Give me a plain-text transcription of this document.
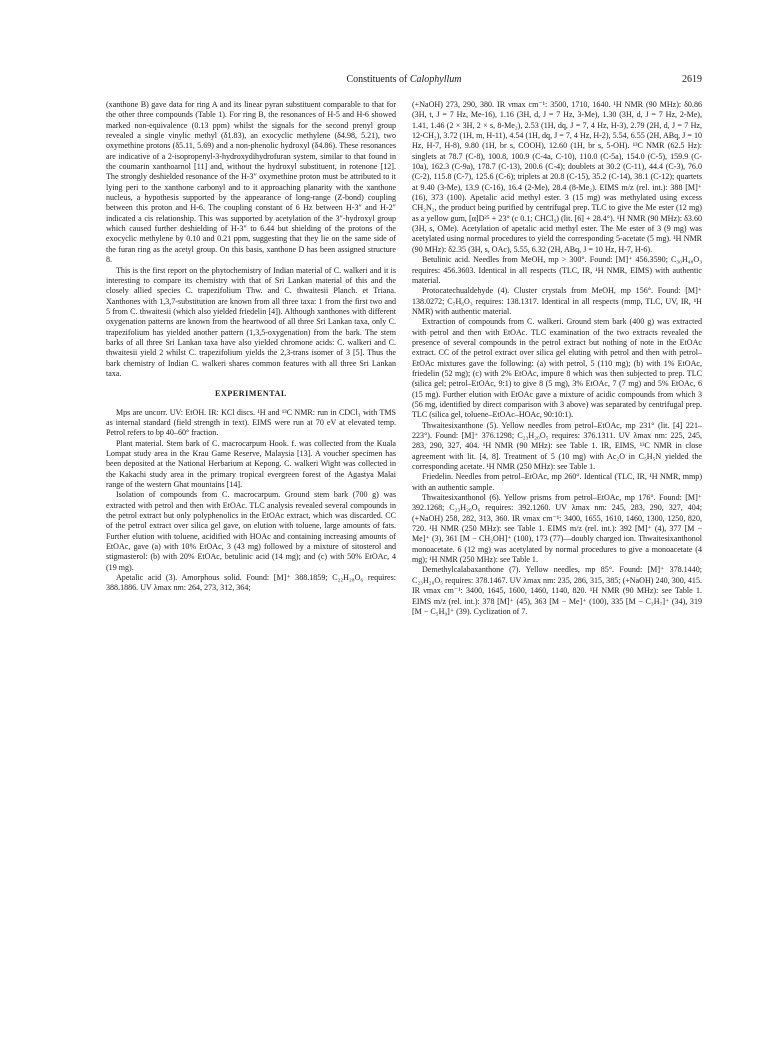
Constituents of Calophyllum	2619

(xanthone B) gave data for ring A and its linear pyran substituent comparable to that for the other three compounds (Table 1). For ring B, the resonances of H-5 and H-6 showed marked non-equivalence (0.13 ppm) whilst the signals for the second prenyl group revealed a single vinylic methyl (δ1.83), an exocyclic methylene (δ4.98, 5.21), two oxymethine protons (δ5.11, 5.69) and a non-phenolic hydroxyl (δ4.86). These resonances are indicative of a 2-isopropenyl-3-hydroxydihydrofuran system, similar to that found in the coumarin xanthoarnol [11] and, without the hydroxyl substituent, in rotenone [12]. The strongly deshielded resonance of the H-3″ oxymethine proton must be attributed to it lying peri to the xanthone carbonyl and to it approaching planarity with the xanthone nucleus, a hypothesis supported by the appearance of long-range (Z-bond) coupling between this proton and H-6. The coupling constant of 6 Hz between H-3″ and H-2″ indicated a cis relationship. This was supported by acetylation of the 3″-hydroxyl group which caused further deshielding of H-3″ to 6.44 but shielding of the protons of the exocyclic methylene by 0.10 and 0.21 ppm, suggesting that they lie on the same side of the furan ring as the acetyl group. On this basis, xanthone D has been assigned structure 8.

This is the first report on the phytochemistry of Indian material of C. walkeri and it is interesting to compare its chemistry with that of Sri Lankan material of this and the closely allied species C. trapezifolium Thw. and C. thwaitesii Planch. et Triana. Xanthones with 1,3,7-substitution are known from all three taxa: 1 from the first two and 5 from C. thwaitesii (which also yielded friedelin [4]). Although xanthones with different oxygenation patterns are known from the heartwood of all three Sri Lankan taxa, only C. trapezifolium has yielded another pattern (1,3,5-oxygenation) from the bark. The stem barks of all three Sri Lankan taxa have also yielded chromone acids: C. walkeri and C. thwaitesii yield 2 whilst C. trapezifolium yields the 2,3-trans isomer of 3 [5]. Thus the bark chemistry of Indian C. walkeri shares common features with all three Sri Lankan taxa.

EXPERIMENTAL

Mps are uncorr. UV: EtOH. IR: KCl discs. ¹H and ¹³C NMR: run in CDCl₃ with TMS as internal standard (field strength in text). EIMS were run at 70 eV at elevated temp. Petrol refers to bp 40–60° fraction.

Plant material. Stem bark of C. macrocarpum Hook. f. was collected from the Kuala Lompat study area in the Krau Game Reserve, Malaysia [13]. A voucher specimen has been deposited at the National Herbarium at Kepong. C. walkeri Wight was collected in the Kakachi study area in the primary tropical evergreen forest of the Agastya Malai range of the western Ghat mountains [14].

Isolation of compounds from C. macrocarpum. Ground stem bark (700 g) was extracted with petrol and then with EtOAc. TLC analysis revealed several compounds in the petrol extract but only polyphenolics in the EtOAc extract, which was discarded. CC of the petrol extract over silica gel gave, on elution with toluene, large amounts of fats. Further elution with toluene, acidified with HOAc and containing increasing amounts of EtOAc, gave (a) with 10% EtOAc, 3 (43 mg) followed by a mixture of sitosterol and stigmasterol: (b) with 20% EtOAc, betulinic acid (14 mg); and (c) with 50% EtOAc, 4 (19 mg).

Apetalic acid (3). Amorphous solid. Found: [M]⁺ 388.1859; C₂₂H₂₈O₆ requires: 388.1886. UV λmax nm: 264, 273, 312, 364;

(+NaOH) 273, 290, 380. IR νmax cm⁻¹: 3500, 1710, 1640. ¹H NMR (90 MHz): δ0.86 (3H, t, J = 7 Hz, Me-16), 1.16 (3H, d, J = 7 Hz, 3-Me), 1.30 (3H, d, J = 7 Hz, 2-Me), 1.41, 1.46 (2 × 3H, 2 × s, 8-Me₂), 2.53 (1H, dq, J = 7, 4 Hz, H-3), 2.79 (2H, d, J = 7 Hz, 12-CH₂), 3.72 (1H, m, H-11), 4.54 (1H, dq, J = 7, 4 Hz, H-2), 5.54, 6.55 (2H, ABq, J = 10 Hz, H-7, H-8), 9.80 (1H, br s, COOH), 12.60 (1H, br s, 5-OH). ¹³C NMR (62.5 Hz): singlets at 78.7 (C-8), 100.8, 100.9 (C-4a, C-10), 110.0 (C-5a), 154.0 (C-5), 159.9 (C-10a), 162.3 (C-9a), 178.7 (C-13), 200.6 (C-4); doublets at 30.2 (C-11), 44.4 (C-3), 76.0 (C-2), 115.8 (C-7), 125.6 (C-6); triplets at 20.8 (C-15), 35.2 (C-14), 38.1 (C-12); quartets at 9.40 (3-Me), 13.9 (C-16), 16.4 (2-Me), 28.4 (8-Me₂). EIMS m/z (rel. int.): 388 [M]⁺ (16), 373 (100). Apetalic acid methyl ester. 3 (15 mg) was methylated using excess CH₂N₂, the product being purified by centrifugal prep. TLC to give the Me ester (12 mg) as a yellow gum, [α]D²⁵ + 23° (c 0.1; CHCl₃) (lit. [6] + 28.4°). ¹H NMR (90 MHz): δ3.60 (3H, s, OMe). Acetylation of apetalic acid methyl ester. The Me ester of 3 (9 mg) was acetylated using normal procedures to yield the corresponding 5-acetate (5 mg). ¹H NMR (90 MHz): δ2.35 (3H, s, OAc), 5.55, 6.32 (2H, ABq, J = 10 Hz, H-7, H-6).

Betulinic acid. Needles from MeOH, mp > 300°. Found: [M]⁺ 456.3590; C₃₀H₄₈O₃ requires: 456.3603. Identical in all respects (TLC, IR, ¹H NMR, EIMS) with authentic material.

Protocatechualdehyde (4). Cluster crystals from MeOH, mp 156°. Found: [M]⁺ 138.0272; C₇H₆O₃ requires: 138.1317. Identical in all respects (mmp, TLC, UV, IR, ¹H NMR) with authentic material.

Extraction of compounds from C. walkeri. Ground stem bark (400 g) was extracted with petrol and then with EtOAc. TLC examination of the two extracts revealed the presence of several compounds in the petrol extract but nothing of note in the EtOAc extract. CC of the petrol extract over silica gel eluting with petrol and then with petrol–EtOAc mixtures gave the following: (a) with petrol, 5 (110 mg); (b) with 1% EtOAc, friedelin (52 mg); (c) with 2% EtOAc, impure 8 which was then subjected to prep. TLC (silica gel; petrol–EtOAc, 9:1) to give 8 (5 mg), 3% EtOAc, 7 (7 mg) and 5% EtOAc, 6 (15 mg). Further elution with EtOAc gave a mixture of acidic compounds from which 3 (56 mg, identified by direct comparison with 3 above) was separated by centrifugal prep. TLC (silica gel, toluene–EtOAc–HOAc, 90:10:1).

Thwaitesixanthone (5). Yellow needles from petrol–EtOAc, mp 231° (lit. [4] 221–223°). Found: [M]⁺ 376.1298; C₂₃H₂₀O₅ requires: 376.1311. UV λmax nm: 225, 245, 283, 290, 327, 404. ¹H NMR (90 MHz): see Table 1. IR, EIMS, ¹³C NMR in close agreement with lit. [4, 8]. Treatment of 5 (10 mg) with Ac₂O in C₅H₅N yielded the corresponding acetate. ¹H NMR (250 MHz): see Table 1.

Friedelin. Needles from petrol–EtOAc, mp 260°. Identical (TLC, IR, ¹H NMR, mmp) with an authentic sample.

Thwaitesixanthonol (6). Yellow prisms from petrol–EtOAc, mp 176°. Found: [M]⁺ 392.1268; C₂₃H₂₀O₆ requires: 392.1260. UV λmax nm: 245, 283, 290, 327, 404; (+NaOH) 258, 282, 313, 360. IR νmax cm⁻¹: 3400, 1655, 1610, 1460, 1300, 1250, 820, 720. ¹H NMR (250 MHz): see Table 1. EIMS m/z (rel. int.): 392 [M]⁺ (4), 377 [M − Me]⁺ (3), 361 [M − CH₂OH]⁺ (100), 173 (77)—doubly charged ion. Thwaitesixanthonol monoacetate. 6 (12 mg) was acetylated by normal procedures to give a monoacetate (4 mg); ¹H NMR (250 MHz): see Table 1.

Demethylcalabaxanthone (7). Yellow needles, mp 85°. Found: [M]⁺ 378.1440; C₂₃H₂₀O₅ requires: 378.1467. UV λmax nm: 235, 286, 315, 385; (+NaOH) 240, 300, 415. IR νmax cm⁻¹: 3400, 1645, 1600, 1460, 1140, 820. ¹H NMR (90 MHz): see Table 1. EIMS m/z (rel. int.): 378 [M]⁺ (45), 363 [M − Me]⁺ (100), 335 [M − C₃H₇]⁺ (34), 319 [M − C₅H₉]⁺ (39). Cyclization of 7.
